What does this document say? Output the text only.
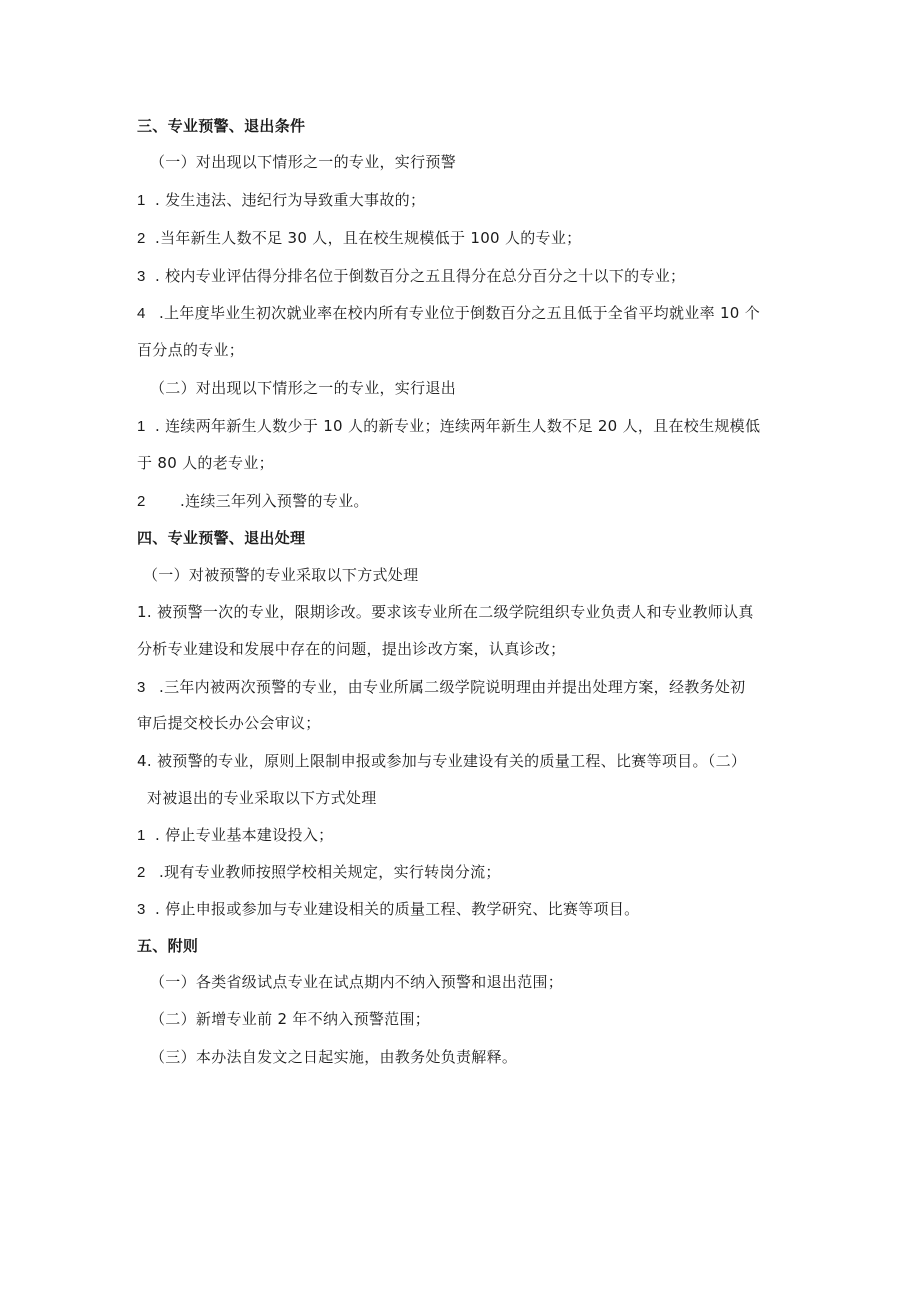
三、专业预警、退出条件
（一）对出现以下情形之一的专业，实行预警
1 . 发生违法、违纪行为导致重大事故的；
2 .当年新生人数不足 30 人，且在校生规模低于 100 人的专业；
3 . 校内专业评估得分排名位于倒数百分之五且得分在总分百分之十以下的专业；
4 .上年度毕业生初次就业率在校内所有专业位于倒数百分之五且低于全省平均就业率 10 个
百分点的专业；
（二）对出现以下情形之一的专业，实行退出
1 . 连续两年新生人数少于 10 人的新专业；连续两年新生人数不足 20 人，且在校生规模低
于 80 人的老专业；
2 .连续三年列入预警的专业。
四、专业预警、退出处理
（一）对被预警的专业采取以下方式处理
1. 被预警一次的专业，限期诊改。要求该专业所在二级学院组织专业负责人和专业教师认真
分析专业建设和发展中存在的问题，提出诊改方案，认真诊改；
3 .三年内被两次预警的专业，由专业所属二级学院说明理由并提出处理方案，经教务处初
审后提交校长办公会审议；
4. 被预警的专业，原则上限制申报或参加与专业建设有关的质量工程、比赛等项目。（二）
对被退出的专业采取以下方式处理
1 . 停止专业基本建设投入；
2 .现有专业教师按照学校相关规定，实行转岗分流；
3 . 停止申报或参加与专业建设相关的质量工程、教学研究、比赛等项目。
五、附则
（一）各类省级试点专业在试点期内不纳入预警和退出范围；
（二）新增专业前 2 年不纳入预警范围；
（三）本办法自发文之日起实施，由教务处负责解释。
